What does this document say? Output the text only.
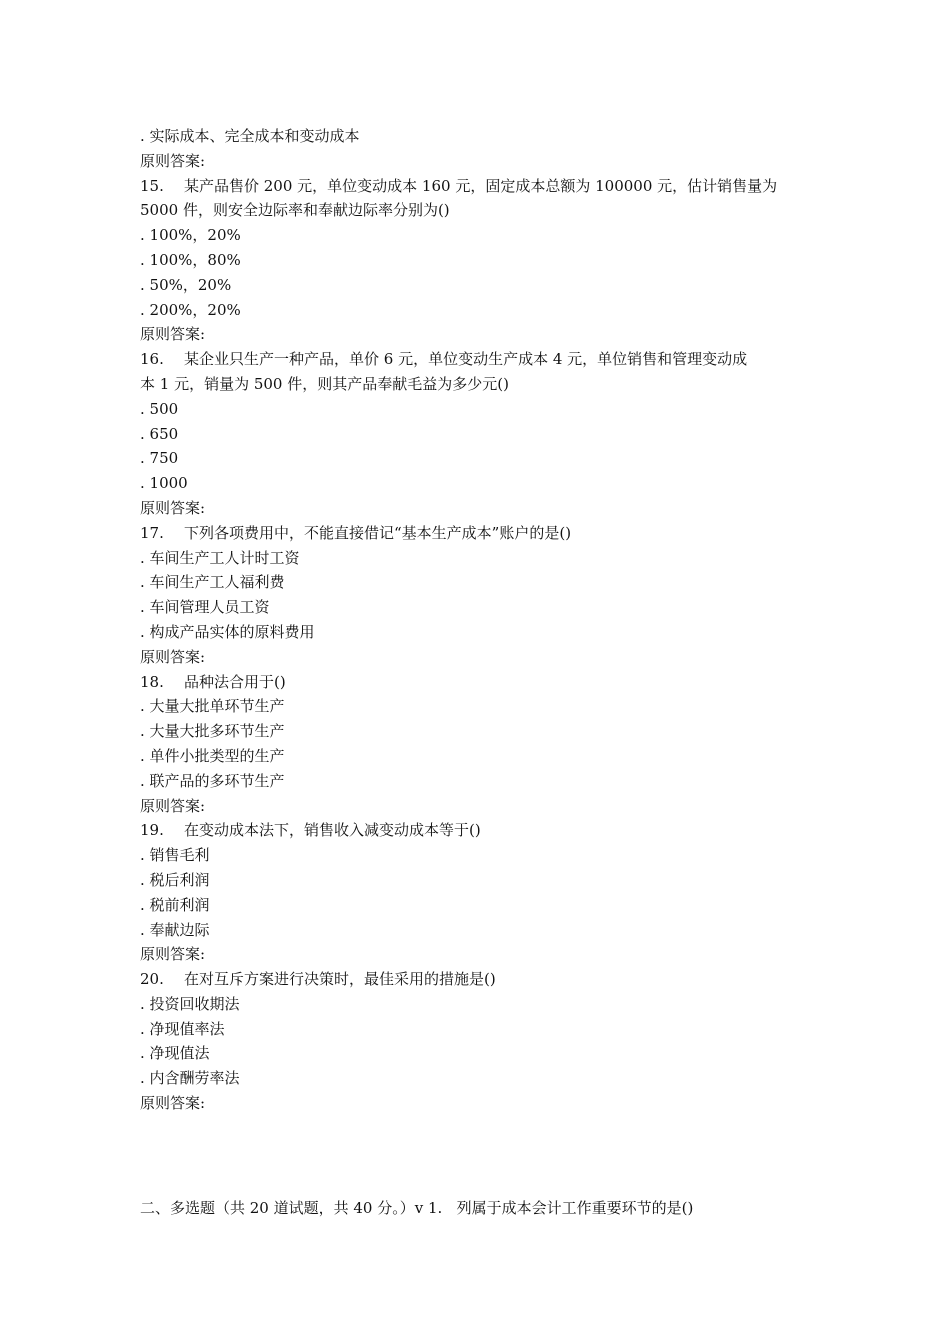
. 实际成本、完全成本和变动成本
原则答案:
15.	某产品售价 200 元，单位变动成本 160 元，固定成本总额为 100000 元，估计销售量为
5000 件，则安全边际率和奉献边际率分别为()
. 100%，20%
. 100%，80%
. 50%，20%
. 200%，20%
原则答案:
16.	某企业只生产一种产品，单价 6 元，单位变动生产成本 4 元，单位销售和管理变动成
本 1 元，销量为 500 件，则其产品奉献毛益为多少元()
. 500
. 650
. 750
. 1000
原则答案:
17.	下列各项费用中，不能直接借记“基本生产成本”账户的是()
. 车间生产工人计时工资
. 车间生产工人福利费
. 车间管理人员工资
. 构成产品实体的原料费用
原则答案:
18.	品种法合用于()
. 大量大批单环节生产
. 大量大批多环节生产
. 单件小批类型的生产
. 联产品的多环节生产
原则答案:
19.	在变动成本法下，销售收入减变动成本等于()
. 销售毛利
. 税后利润
. 税前利润
. 奉献边际
原则答案:
20.	在对互斥方案进行决策时，最佳采用的措施是()
. 投资回收期法
. 净现值率法
. 净现值法
. 内含酬劳率法
原则答案:
二、多选题（共 20 道试题，共 40 分。）v 1.   列属于成本会计工作重要环节的是()
